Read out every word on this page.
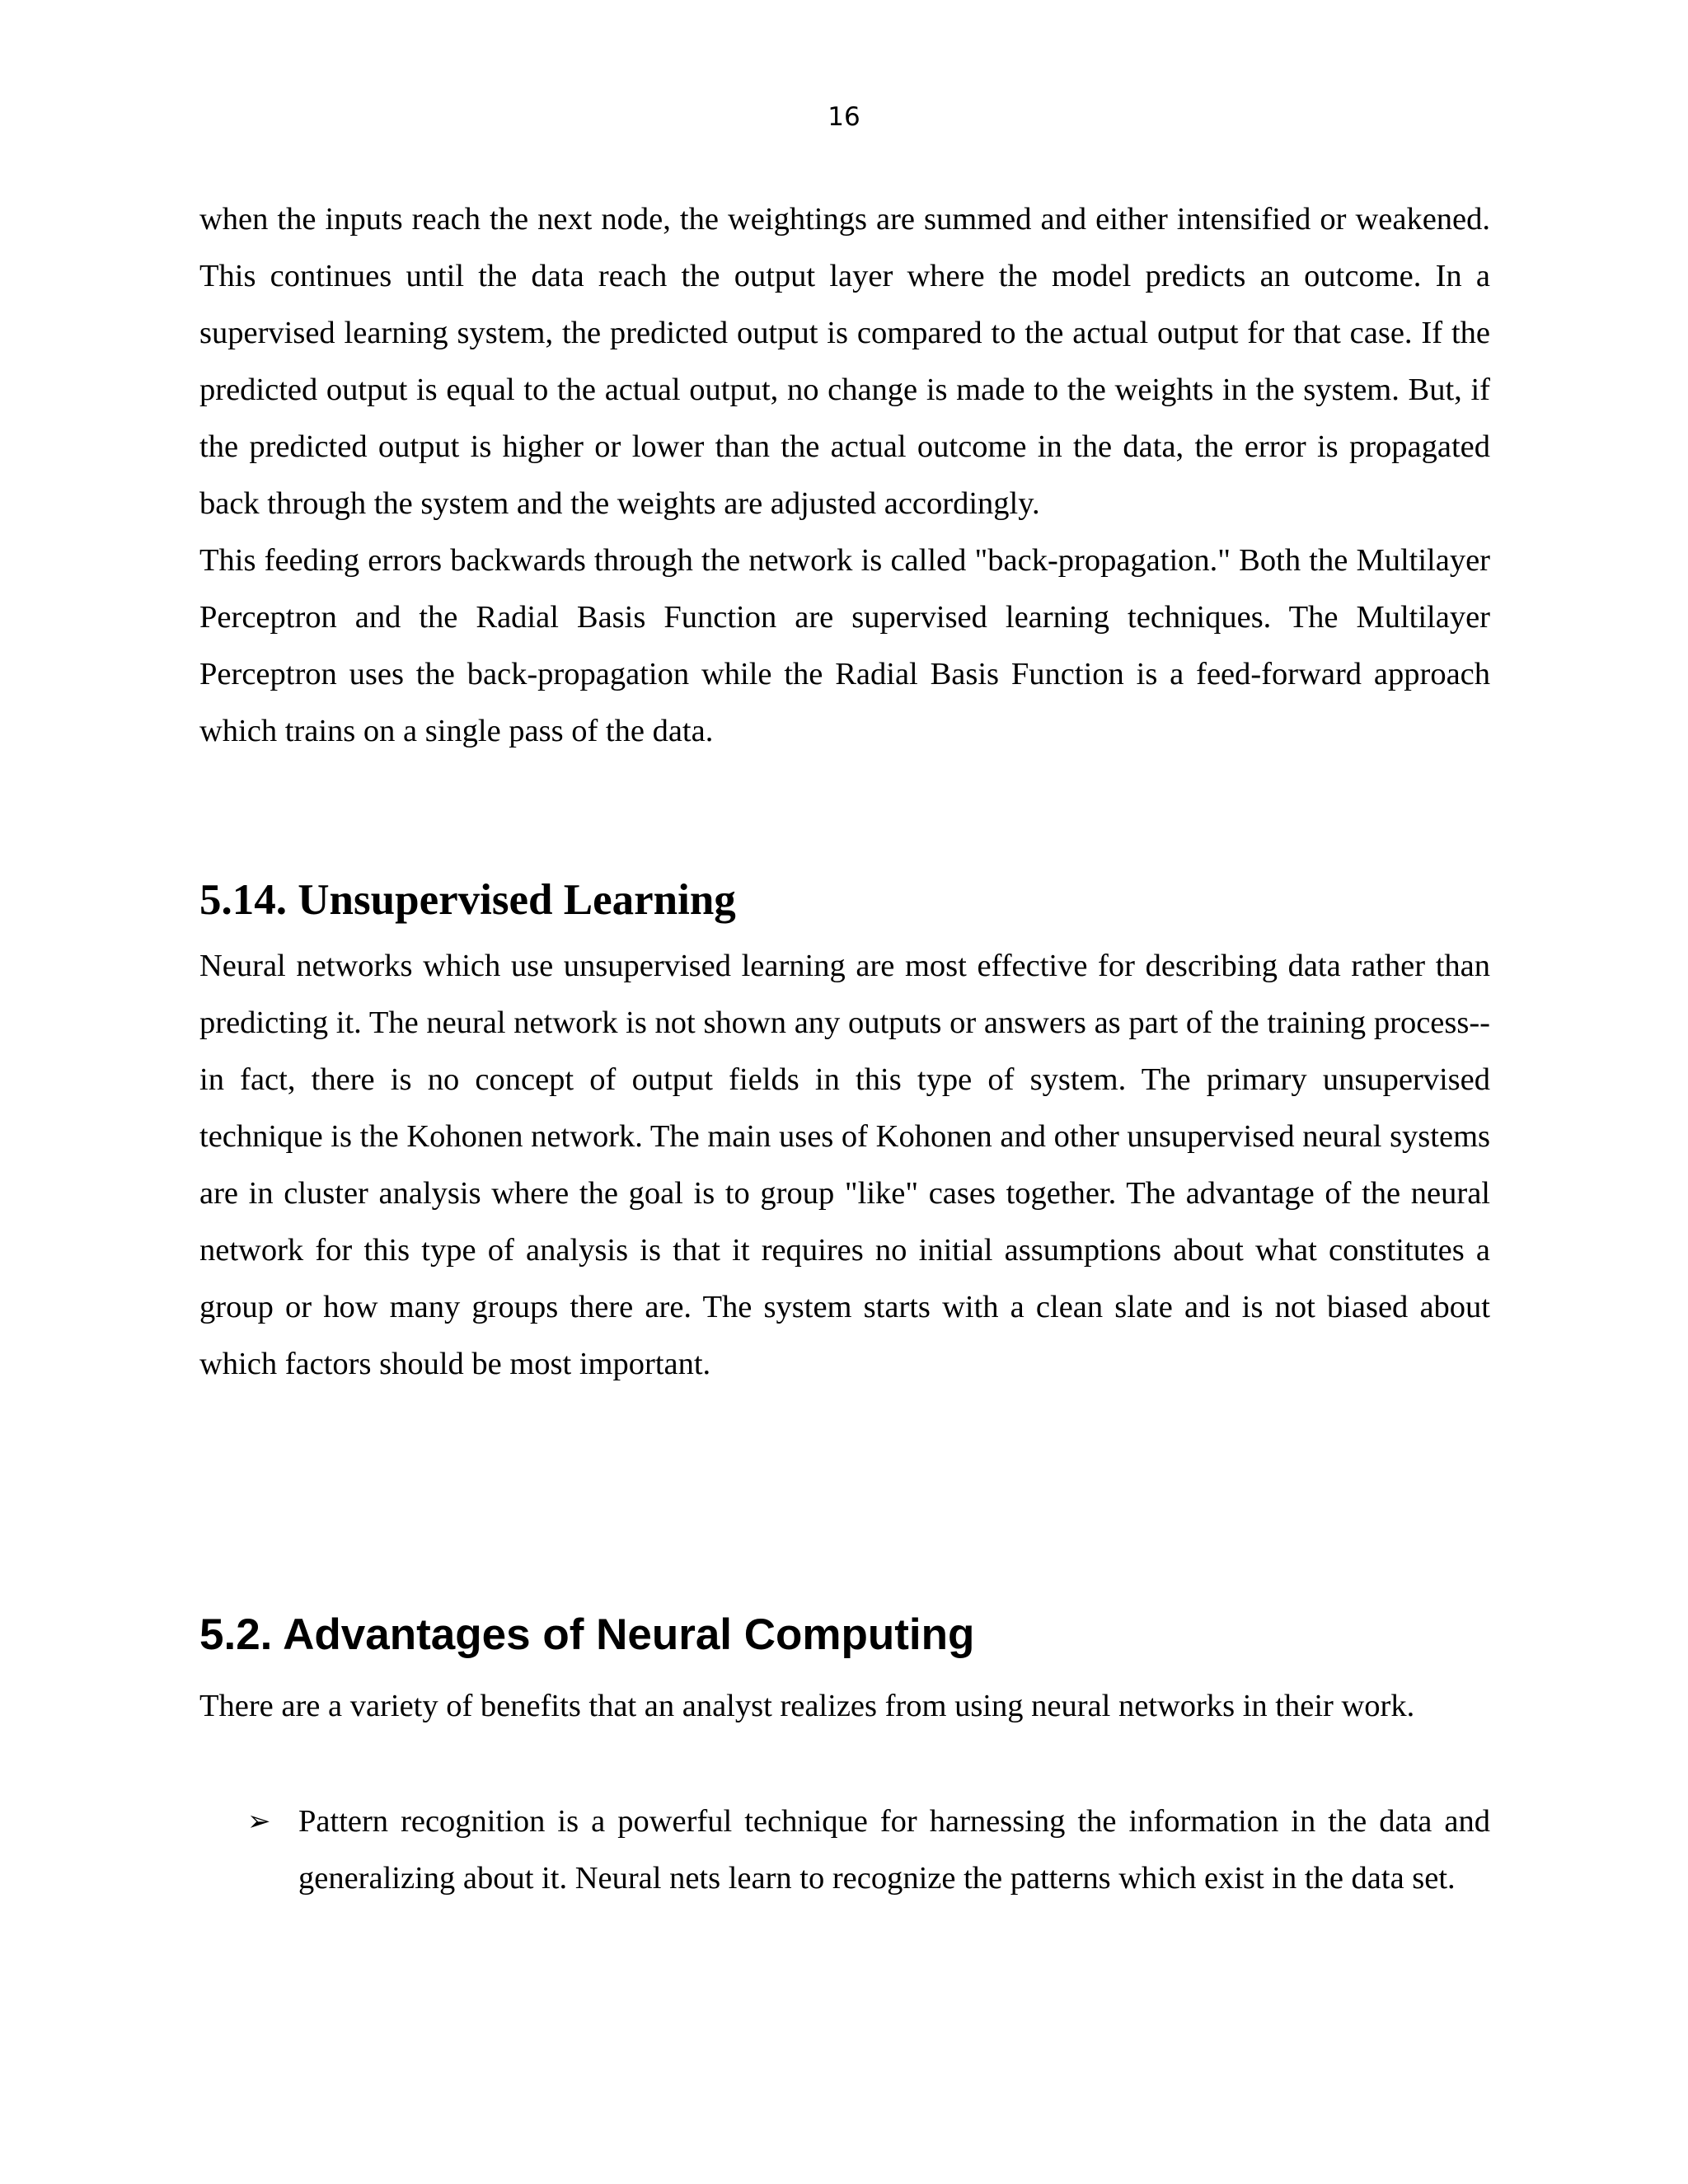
16

when the inputs reach the next node, the weightings are summed and either intensified or weakened. This continues until the data reach the output layer where the model predicts an outcome. In a supervised learning system, the predicted output is compared to the actual output for that case. If the predicted output is equal to the actual output, no change is made to the weights in the system. But, if the predicted output is higher or lower than the actual outcome in the data, the error is propagated back through the system and the weights are adjusted accordingly.

This feeding errors backwards through the network is called "back-propagation." Both the Multilayer Perceptron and the Radial Basis Function are supervised learning techniques. The Multilayer Perceptron uses the back-propagation while the Radial Basis Function is a feed-forward approach which trains on a single pass of the data.

5.14. Unsupervised Learning

Neural networks which use unsupervised learning are most effective for describing data rather than predicting it. The neural network is not shown any outputs or answers as part of the training process--in fact, there is no concept of output fields in this type of system. The primary unsupervised technique is the Kohonen network. The main uses of Kohonen and other unsupervised neural systems are in cluster analysis where the goal is to group "like" cases together. The advantage of the neural network for this type of analysis is that it requires no initial assumptions about what constitutes a group or how many groups there are. The system starts with a clean slate and is not biased about which factors should be most important.

5.2. Advantages of Neural Computing

There are a variety of benefits that an analyst realizes from using neural networks in their work.

➢ Pattern recognition is a powerful technique for harnessing the information in the data and generalizing about it. Neural nets learn to recognize the patterns which exist in the data set.
